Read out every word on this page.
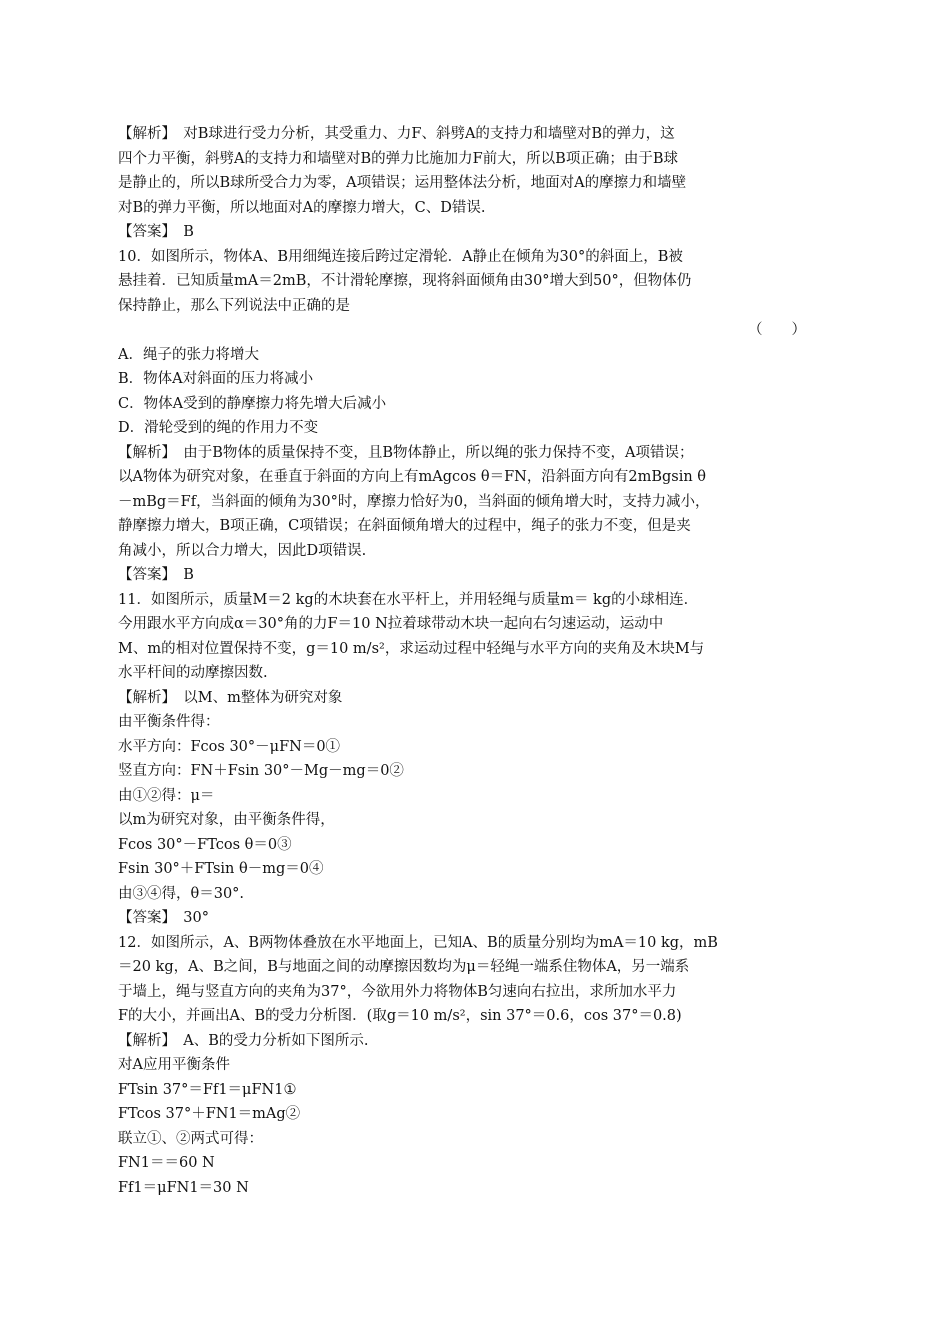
【解析】　对B球进行受力分析，其受重力、力F、斜劈A的支持力和墙壁对B的弹力，这
四个力平衡，斜劈A的支持力和墙壁对B的弹力比施加力F前大，所以B项正确；由于B球
是静止的，所以B球所受合力为零，A项错误；运用整体法分析，地面对A的摩擦力和墙壁
对B的弹力平衡，所以地面对A的摩擦力增大，C、D错误.
【答案】　B
10．如图所示，物体A、B用细绳连接后跨过定滑轮．A静止在倾角为30°的斜面上，B被
悬挂着．已知质量mA＝2mB，不计滑轮摩擦，现将斜面倾角由30°增大到50°，但物体仍
保持静止，那么下列说法中正确的是
（　　）
A．绳子的张力将增大
B．物体A对斜面的压力将减小
C．物体A受到的静摩擦力将先增大后减小
D．滑轮受到的绳的作用力不变
【解析】　由于B物体的质量保持不变，且B物体静止，所以绳的张力保持不变，A项错误；
以A物体为研究对象，在垂直于斜面的方向上有mAgcos θ＝FN，沿斜面方向有2mBgsin θ
－mBg＝Ff，当斜面的倾角为30°时，摩擦力恰好为0，当斜面的倾角增大时，支持力减小，
静摩擦力增大，B项正确，C项错误；在斜面倾角增大的过程中，绳子的张力不变，但是夹
角减小，所以合力增大，因此D项错误.
【答案】　B
11．如图所示，质量M＝2 kg的木块套在水平杆上，并用轻绳与质量m＝ kg的小球相连．
今用跟水平方向成α＝30°角的力F＝10 N拉着球带动木块一起向右匀速运动，运动中
M、m的相对位置保持不变，g＝10 m/s²，求运动过程中轻绳与水平方向的夹角及木块M与
水平杆间的动摩擦因数.
【解析】　以M、m整体为研究对象
由平衡条件得：
水平方向：Fcos 30°－μFN＝0①
竖直方向：FN＋Fsin 30°－Mg－mg＝0②
由①②得：μ＝
以m为研究对象，由平衡条件得，
Fcos 30°－FTcos θ＝0③
Fsin 30°＋FTsin θ－mg＝0④
由③④得，θ＝30°.
【答案】　30°
12．如图所示，A、B两物体叠放在水平地面上，已知A、B的质量分别均为mA＝10 kg，mB
＝20 kg，A、B之间，B与地面之间的动摩擦因数均为μ＝轻绳一端系住物体A，另一端系
于墙上，绳与竖直方向的夹角为37°，今欲用外力将物体B匀速向右拉出，求所加水平力
F的大小，并画出A、B的受力分析图．(取g＝10 m/s²，sin 37°＝0.6，cos 37°＝0.8)
【解析】　A、B的受力分析如下图所示.
对A应用平衡条件
FTsin 37°＝Ff1＝μFN1①
FTcos 37°＋FN1＝mAg②
联立①、②两式可得：
FN1＝＝60 N
Ff1＝μFN1＝30 N
